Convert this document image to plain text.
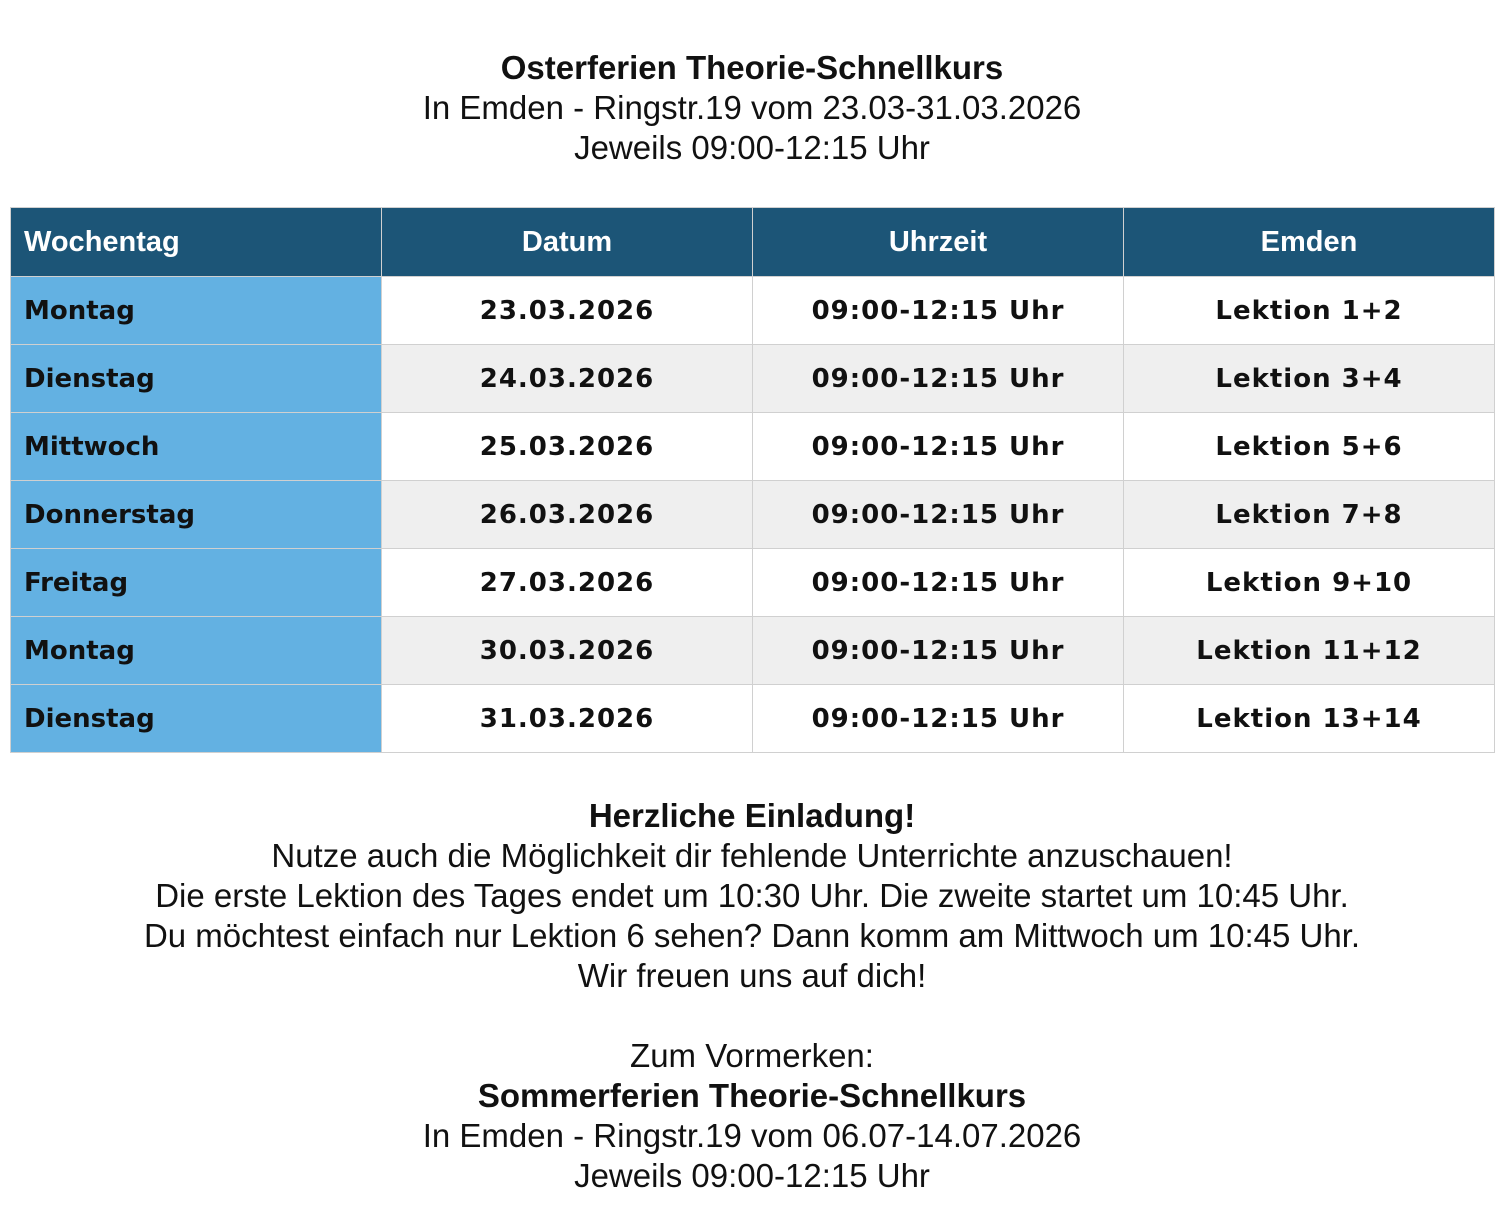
Osterferien Theorie-Schnellkurs
In Emden - Ringstr.19 vom 23.03-31.03.2026
Jeweils 09:00-12:15 Uhr
Wochentag	Datum	Uhrzeit	Emden
Montag	23.03.2026	09:00-12:15 Uhr	Lektion 1+2
Dienstag	24.03.2026	09:00-12:15 Uhr	Lektion 3+4
Mittwoch	25.03.2026	09:00-12:15 Uhr	Lektion 5+6
Donnerstag	26.03.2026	09:00-12:15 Uhr	Lektion 7+8
Freitag	27.03.2026	09:00-12:15 Uhr	Lektion 9+10
Montag	30.03.2026	09:00-12:15 Uhr	Lektion 11+12
Dienstag	31.03.2026	09:00-12:15 Uhr	Lektion 13+14
Herzliche Einladung!
Nutze auch die Möglichkeit dir fehlende Unterrichte anzuschauen!
Die erste Lektion des Tages endet um 10:30 Uhr. Die zweite startet um 10:45 Uhr.
Du möchtest einfach nur Lektion 6 sehen? Dann komm am Mittwoch um 10:45 Uhr.
Wir freuen uns auf dich!
Zum Vormerken:
Sommerferien Theorie-Schnellkurs
In Emden - Ringstr.19 vom 06.07-14.07.2026
Jeweils 09:00-12:15 Uhr
